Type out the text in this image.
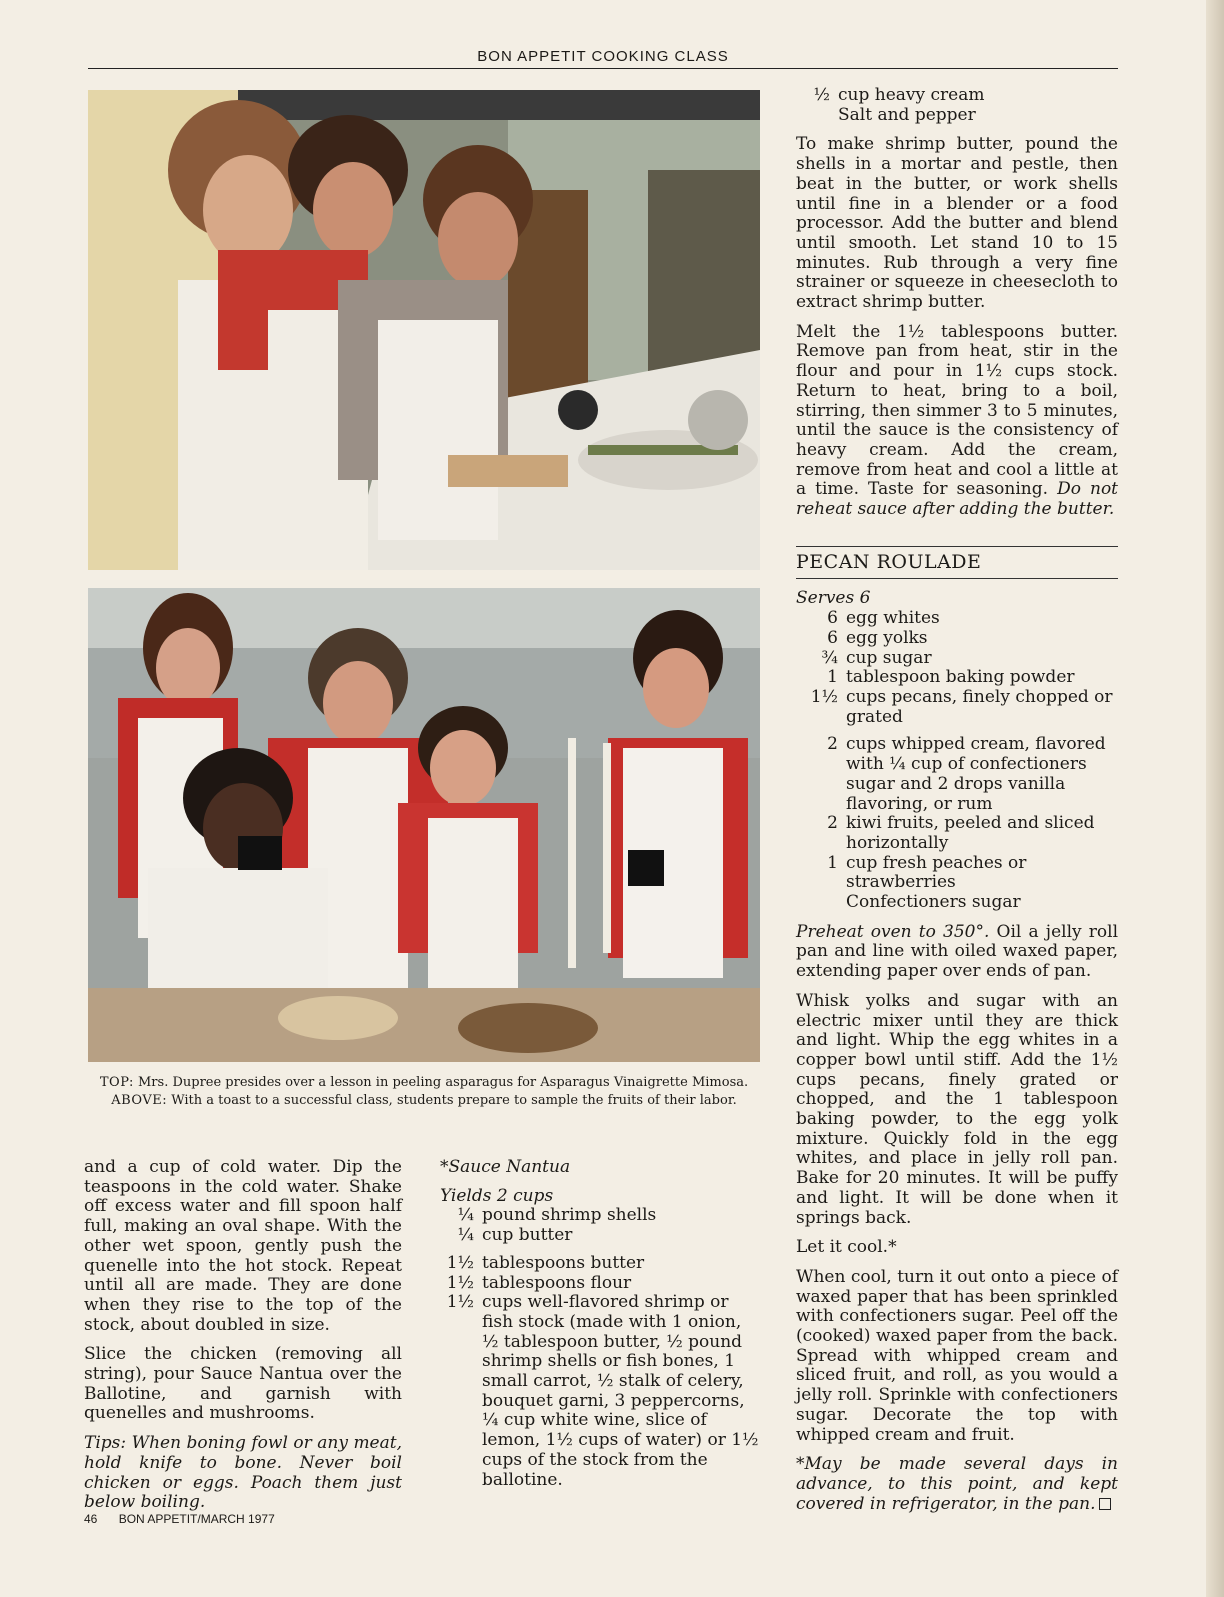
BON APPETIT COOKING CLASS
TOP: Mrs. Dupree presides over a lesson in peeling asparagus for Asparagus Vinaigrette Mimosa.
ABOVE: With a toast to a successful class, students prepare to sample the fruits of their labor.

and a cup of cold water. Dip the teaspoons in the cold water. Shake off excess water and fill spoon half full, making an oval shape. With the other wet spoon, gently push the quenelle into the hot stock. Repeat until all are made. They are done when they rise to the top of the stock, about doubled in size.

Slice the chicken (removing all string), pour Sauce Nantua over the Ballotine, and garnish with quenelles and mushrooms.

Tips: When boning fowl or any meat, hold knife to bone. Never boil chicken or eggs. Poach them just below boiling.

*Sauce Nantua
Yields 2 cups
¼ pound shrimp shells
¼ cup butter
1½ tablespoons butter
1½ tablespoons flour
1½ cups well-flavored shrimp or fish stock (made with 1 onion, ½ tablespoon butter, ½ pound shrimp shells or fish bones, 1 small carrot, ½ stalk of celery, bouquet garni, 3 peppercorns, ¼ cup white wine, slice of lemon, 1½ cups of water) or 1½ cups of the stock from the ballotine.
½ cup heavy cream
Salt and pepper

To make shrimp butter, pound the shells in a mortar and pestle, then beat in the butter, or work shells until fine in a blender or a food processor. Add the butter and blend until smooth. Let stand 10 to 15 minutes. Rub through a very fine strainer or squeeze in cheesecloth to extract shrimp butter.

Melt the 1½ tablespoons butter. Remove pan from heat, stir in the flour and pour in 1½ cups stock. Return to heat, bring to a boil, stirring, then simmer 3 to 5 minutes, until the sauce is the consistency of heavy cream. Add the cream, remove from heat and cool a little at a time. Taste for seasoning. Do not reheat sauce after adding the butter.

PECAN ROULADE
Serves 6
6 egg whites
6 egg yolks
¾ cup sugar
1 tablespoon baking powder
1½ cups pecans, finely chopped or grated
2 cups whipped cream, flavored with ¼ cup of confectioners sugar and 2 drops vanilla flavoring, or rum
2 kiwi fruits, peeled and sliced horizontally
1 cup fresh peaches or strawberries
Confectioners sugar

Preheat oven to 350°. Oil a jelly roll pan and line with oiled waxed paper, extending paper over ends of pan.

Whisk yolks and sugar with an electric mixer until they are thick and light. Whip the egg whites in a copper bowl until stiff. Add the 1½ cups pecans, finely grated or chopped, and the 1 tablespoon baking powder, to the egg yolk mixture. Quickly fold in the egg whites, and place in jelly roll pan. Bake for 20 minutes. It will be puffy and light. It will be done when it springs back.

Let it cool.*

When cool, turn it out onto a piece of waxed paper that has been sprinkled with confectioners sugar. Peel off the (cooked) waxed paper from the back. Spread with whipped cream and sliced fruit, and roll, as you would a jelly roll. Sprinkle with confectioners sugar. Decorate the top with whipped cream and fruit.

*May be made several days in advance, to this point, and kept covered in refrigerator, in the pan.

46 BON APPETIT/MARCH 1977
